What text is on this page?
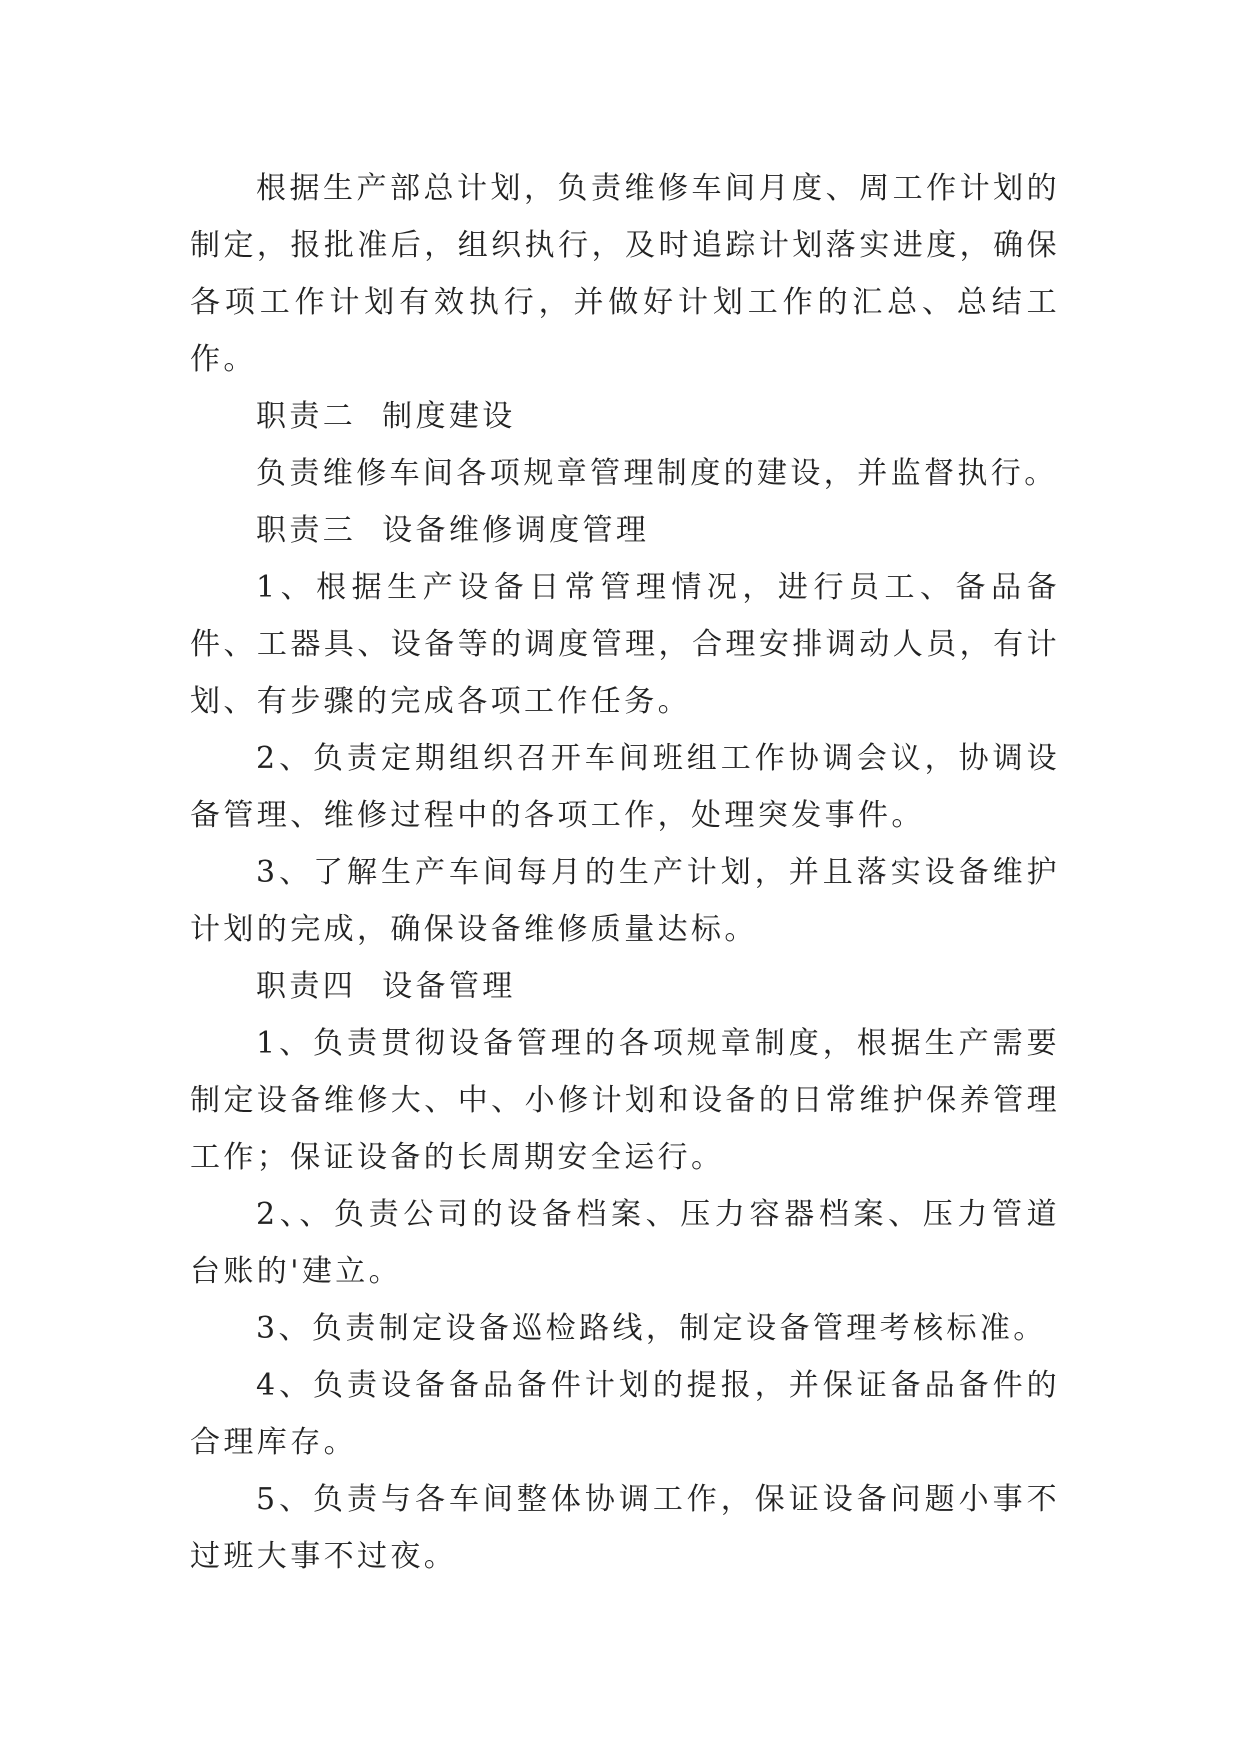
根据生产部总计划，负责维修车间月度、周工作计划的制定，报批准后，组织执行，及时追踪计划落实进度，确保各项工作计划有效执行，并做好计划工作的汇总、总结工作。

职责二  制度建设

负责维修车间各项规章管理制度的建设，并监督执行。

职责三  设备维修调度管理

1、根据生产设备日常管理情况，进行员工、备品备件、工器具、设备等的调度管理，合理安排调动人员，有计划、有步骤的完成各项工作任务。

2、负责定期组织召开车间班组工作协调会议，协调设备管理、维修过程中的各项工作，处理突发事件。

3、了解生产车间每月的生产计划，并且落实设备维护计划的完成，确保设备维修质量达标。

职责四  设备管理

1、负责贯彻设备管理的各项规章制度，根据生产需要制定设备维修大、中、小修计划和设备的日常维护保养管理工作；保证设备的长周期安全运行。

2、、负责公司的设备档案、压力容器档案、压力管道台账的'建立。

3、负责制定设备巡检路线，制定设备管理考核标准。

4、负责设备备品备件计划的提报，并保证备品备件的合理库存。

5、负责与各车间整体协调工作，保证设备问题小事不过班大事不过夜。
